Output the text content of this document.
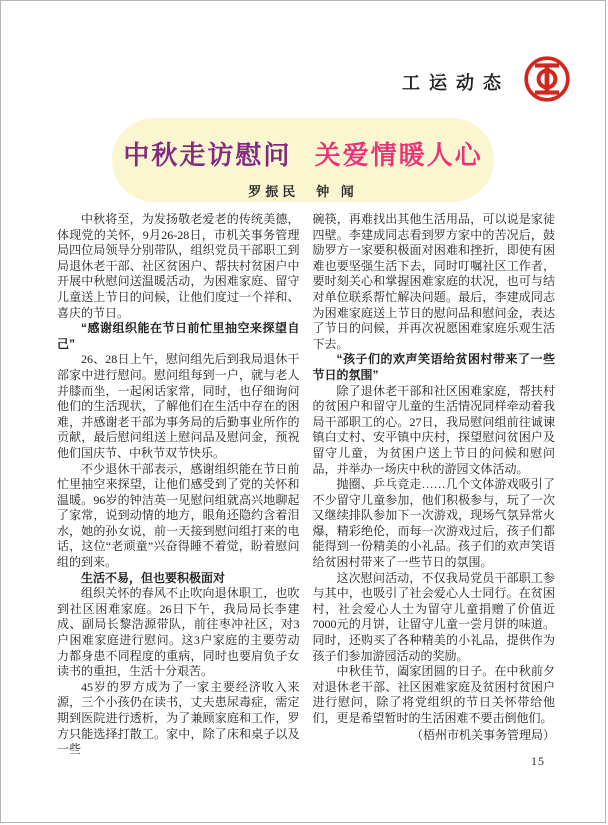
工运动态
中秋走访慰问 关爱情暖人心
罗振民　钟 闻

中秋将至，为发扬敬老爱老的传统美德，体现党的关怀，9月26-28日，市机关事务管理局四位局领导分别带队，组织党员干部职工到局退休老干部、社区贫困户、帮扶村贫困户中开展中秋慰问送温暖活动，为困难家庭、留守儿童送上节日的问候，让他们度过一个祥和、喜庆的节日。

“感谢组织能在节日前忙里抽空来探望自己”

26、28日上午，慰问组先后到我局退休干部家中进行慰问。慰问组每到一户，就与老人并膝而坐，一起闲话家常，同时，也仔细询问他们的生活现状，了解他们在生活中存在的困难，并感谢老干部为事务局的后勤事业所作的贡献，最后慰问组送上慰问品及慰问金，预祝他们国庆节、中秋节双节快乐。

不少退休干部表示，感谢组织能在节日前忙里抽空来探望，让他们感受到了党的关怀和温暖。96岁的钟洁英一见慰问组就高兴地聊起了家常，说到动情的地方，眼角还隐约含着泪水，她的孙女说，前一天接到慰问组打来的电话，这位“老顽童”兴奋得睡不着觉，盼着慰问组的到来。

生活不易，但也要积极面对

组织关怀的春风不止吹向退休职工，也吹到社区困难家庭。26日下午，我局局长李建成、副局长黎浩源带队，前往枣冲社区，对3户困难家庭进行慰问。这3户家庭的主要劳动力都身患不同程度的重病，同时也要肩负子女读书的重担，生活十分艰苦。

45岁的罗方成为了一家主要经济收入来源，三个小孩仍在读书，丈夫患尿毒症，需定期到医院进行透析，为了兼顾家庭和工作，罗方只能选择打散工。家中，除了床和桌子以及一些

碗筷，再难找出其他生活用品，可以说是家徒四壁。李建成同志看到罗方家中的苦况后，鼓励罗方一家要积极面对困难和挫折，即使有困难也要坚强生活下去，同时叮嘱社区工作者，要时刻关心和掌握困难家庭的状况，也可与结对单位联系帮忙解决问题。最后，李建成同志为困难家庭送上节日的慰问品和慰问金，表达了节日的问候，并再次祝愿困难家庭乐观生活下去。

“孩子们的欢声笑语给贫困村带来了一些节日的氛围”

除了退休老干部和社区困难家庭，帮扶村的贫困户和留守儿童的生活情况同样牵动着我局干部职工的心。27日，我局慰问组前往诚谏镇白丈村、安平镇中庆村，探望慰问贫困户及留守儿童，为贫困户送上节日的问候和慰问品，并举办一场庆中秋的游园文体活动。

抛圈、乒乓竞走……几个文体游戏吸引了不少留守儿童参加，他们积极参与，玩了一次又继续排队参加下一次游戏，现场气氛异常火爆，精彩绝伦，而每一次游戏过后，孩子们都能得到一份精美的小礼品。孩子们的欢声笑语给贫困村带来了一些节日的氛围。

这次慰问活动，不仅我局党员干部职工参与其中，也吸引了社会爱心人士同行。在贫困村，社会爱心人士为留守儿童捐赠了价值近7000元的月饼，让留守儿童一尝月饼的味道。同时，还购买了各种精美的小礼品，提供作为孩子们参加游园活动的奖励。

中秋佳节，阖家团圆的日子。在中秋前夕对退休老干部、社区困难家庭及贫困村贫困户进行慰问，除了将党组织的节日关怀带给他们，更是希望暂时的生活困难不要击倒他们。

（梧州市机关事务管理局）

15
